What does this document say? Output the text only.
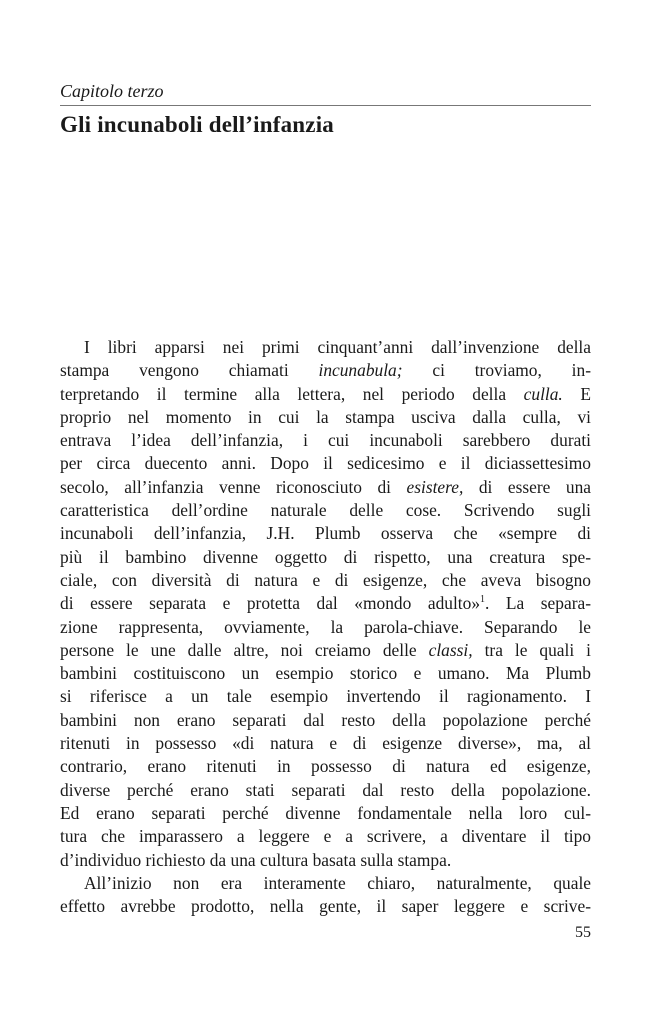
Capitolo terzo
Gli incunaboli dell’infanzia
I libri apparsi nei primi cinquant’anni dall’invenzione della
stampa vengono chiamati incunabula; ci troviamo, in-
terpretando il termine alla lettera, nel periodo della culla. E
proprio nel momento in cui la stampa usciva dalla culla, vi
entrava l’idea dell’infanzia, i cui incunaboli sarebbero durati
per circa duecento anni. Dopo il sedicesimo e il diciassettesimo
secolo, all’infanzia venne riconosciuto di esistere, di essere una
caratteristica dell’ordine naturale delle cose. Scrivendo sugli
incunaboli dell’infanzia, J.H. Plumb osserva che «sempre di
più il bambino divenne oggetto di rispetto, una creatura spe-
ciale, con diversità di natura e di esigenze, che aveva bisogno
di essere separata e protetta dal «mondo adulto»$^1$. La separa-
zione rappresenta, ovviamente, la parola-chiave. Separando le
persone le une dalle altre, noi creiamo delle classi, tra le quali i
bambini costituiscono un esempio storico e umano. Ma Plumb
si riferisce a un tale esempio invertendo il ragionamento. I
bambini non erano separati dal resto della popolazione perché
ritenuti in possesso «di natura e di esigenze diverse», ma, al
contrario, erano ritenuti in possesso di natura ed esigenze,
diverse perché erano stati separati dal resto della popolazione.
Ed erano separati perché divenne fondamentale nella loro cul-
tura che imparassero a leggere e a scrivere, a diventare il tipo
d’individuo richiesto da una cultura basata sulla stampa.
All’inizio non era interamente chiaro, naturalmente, quale
effetto avrebbe prodotto, nella gente, il saper leggere e scrive-
55
